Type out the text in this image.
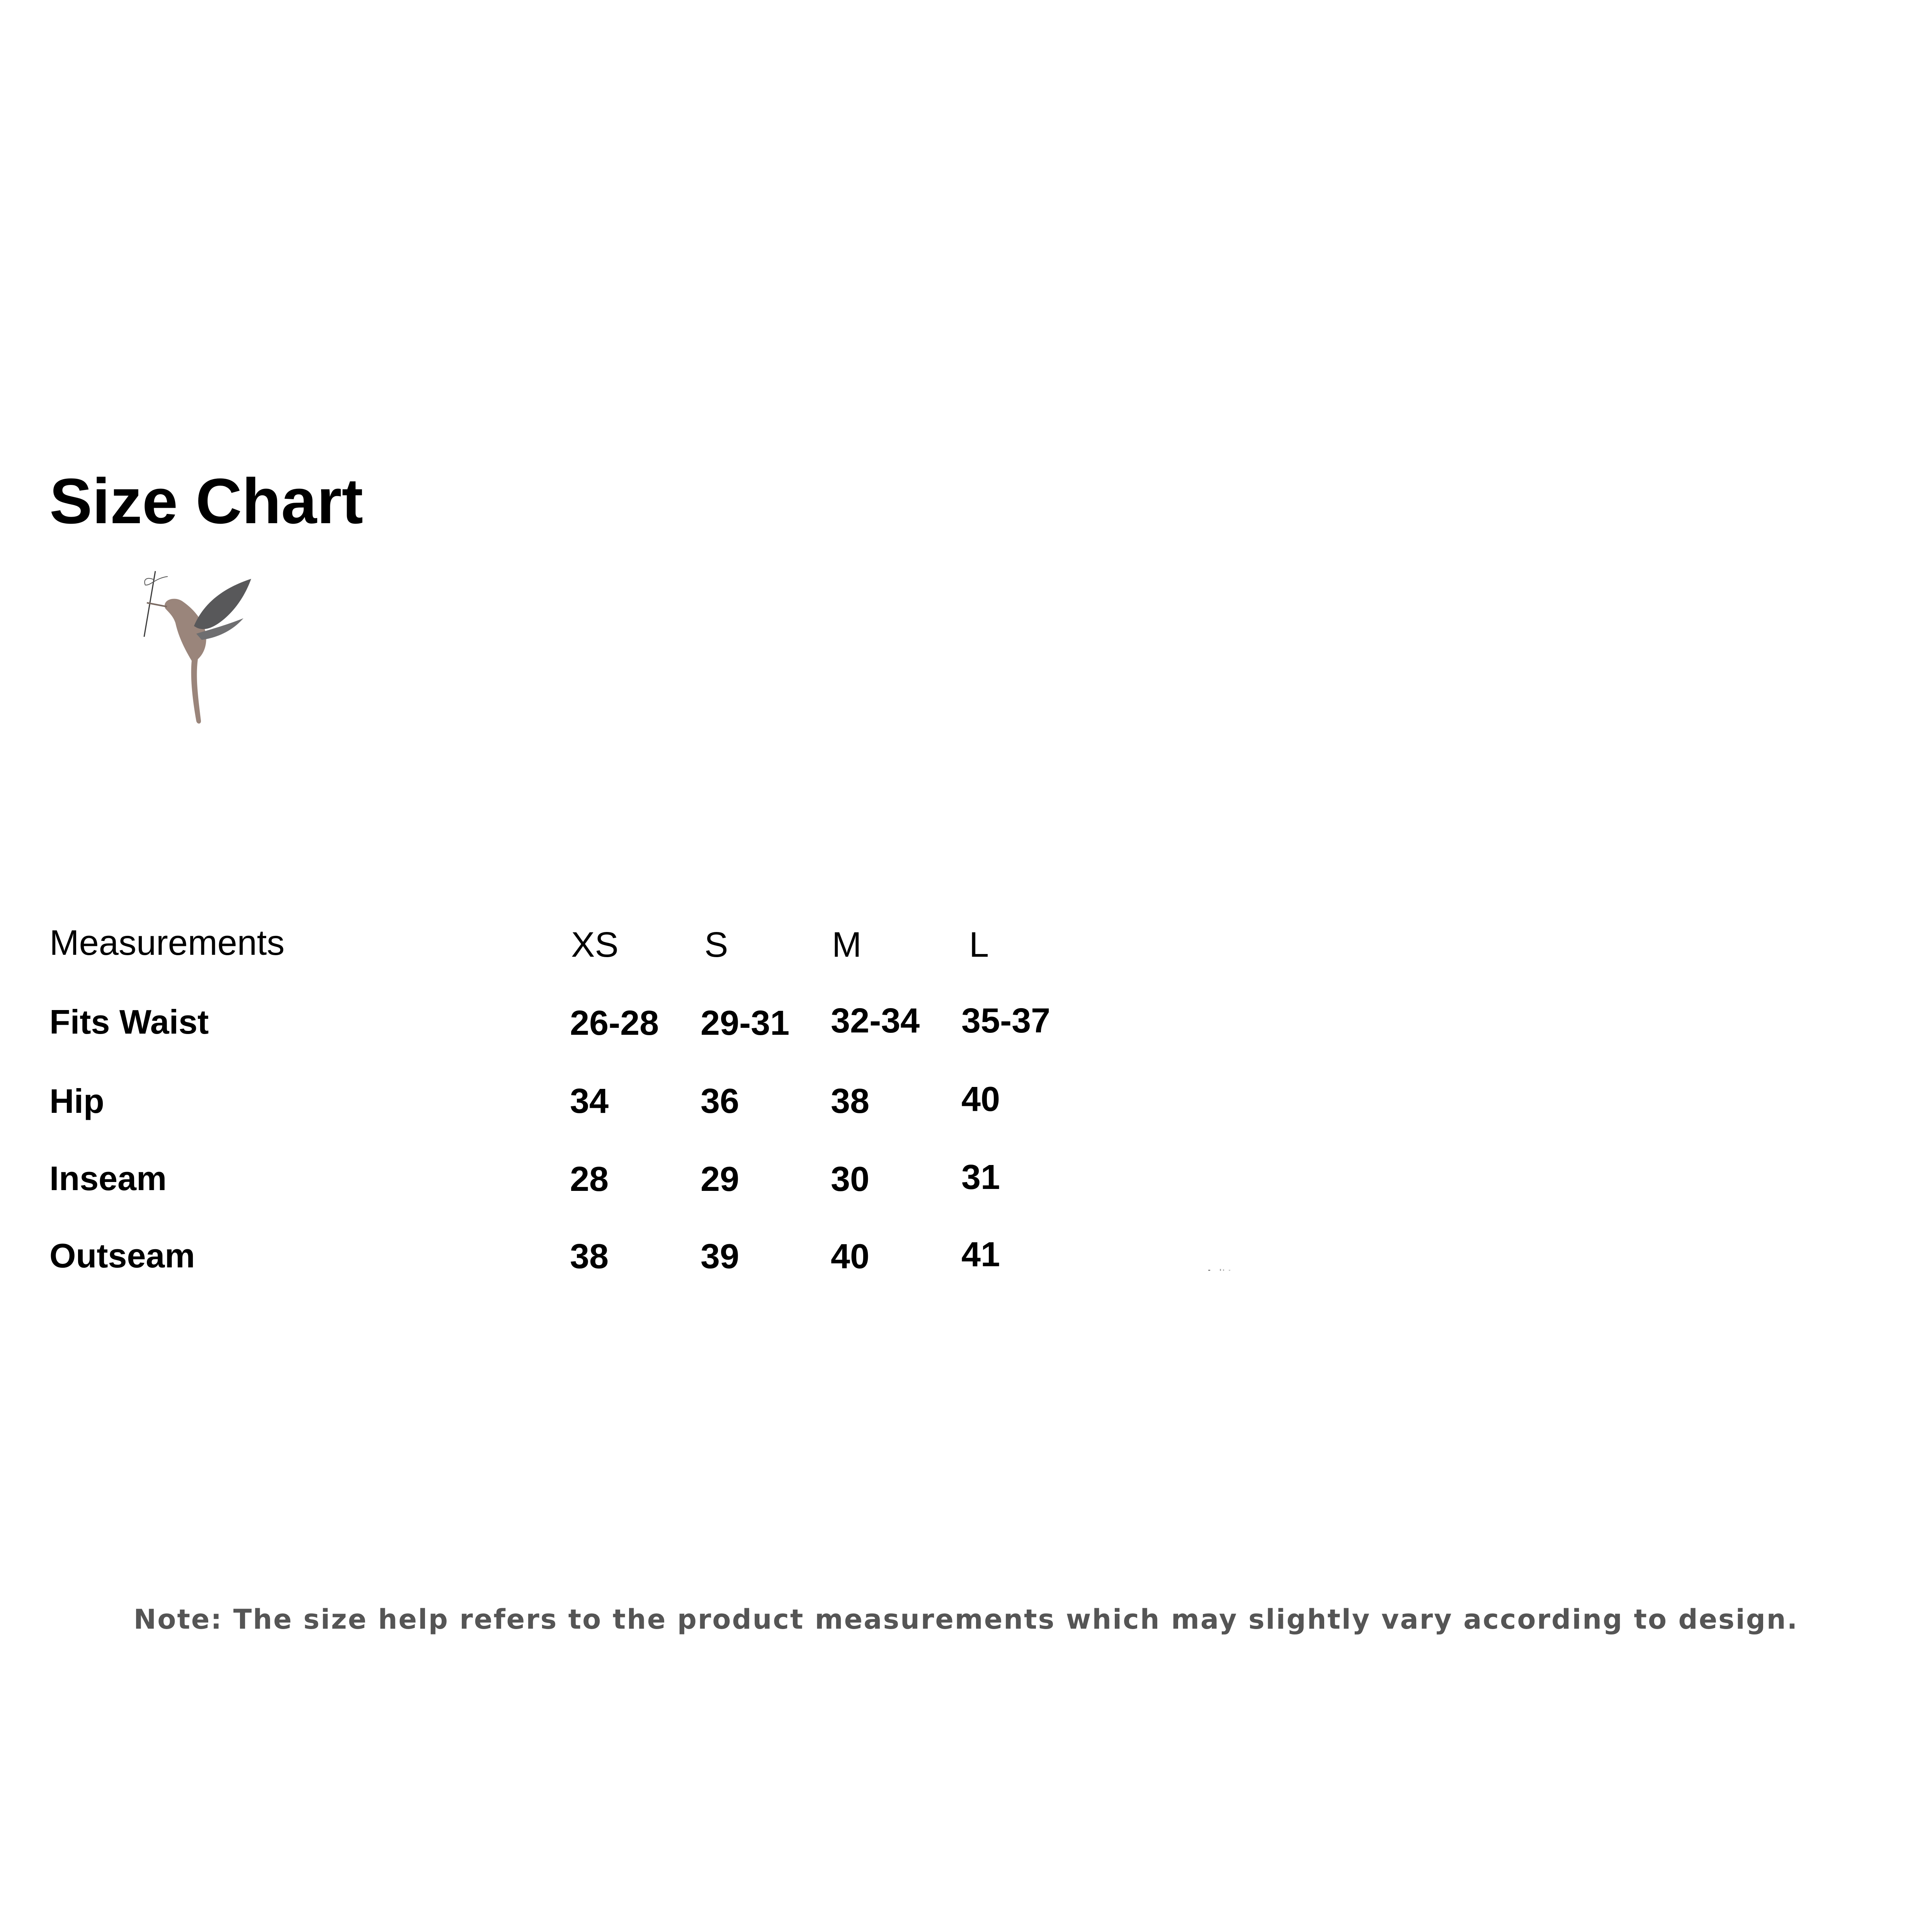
Size Chart
Measurements	XS S	M	L
Fits Waist	26-28 29-31 32-34 35-37
Hip	34	36	38	40
Inseam	28	29	30	31
Outseam	38	39	40	41

Note: The size help refers to the product measurements which may slightly vary according to design.
